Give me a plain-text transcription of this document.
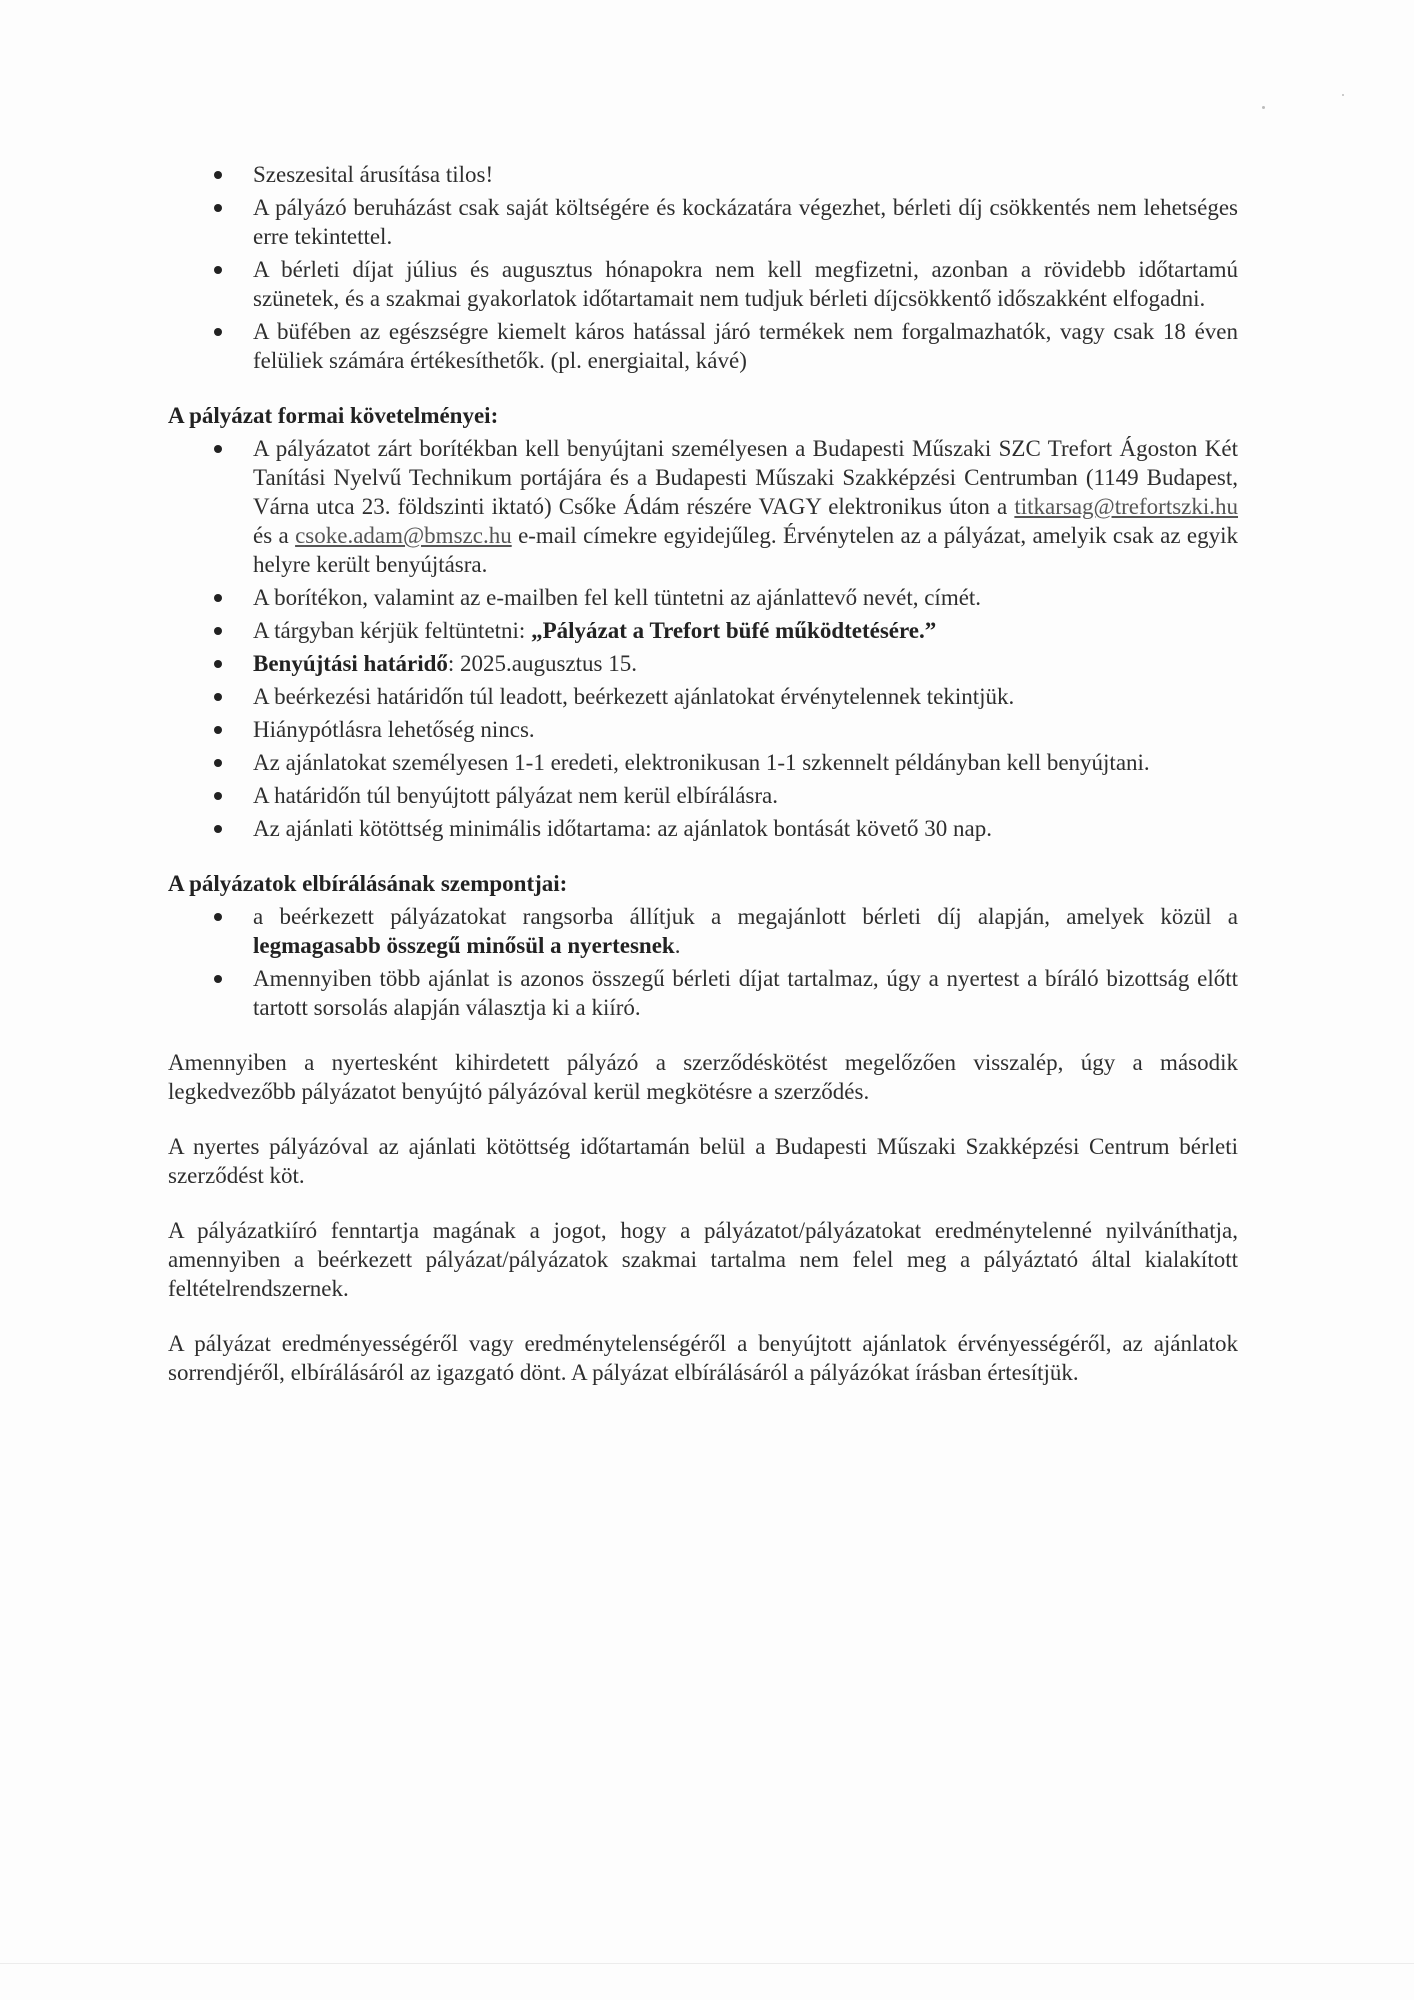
Szeszesital árusítása tilos!
A pályázó beruházást csak saját költségére és kockázatára végezhet, bérleti díj csökkentés nem lehetséges erre tekintettel.
A bérleti díjat július és augusztus hónapokra nem kell megfizetni, azonban a rövidebb időtartamú szünetek, és a szakmai gyakorlatok időtartamait nem tudjuk bérleti díjcsökkentő időszakként elfogadni.
A büfében az egészségre kiemelt káros hatással járó termékek nem forgalmazhatók, vagy csak 18 éven felüliek számára értékesíthetők. (pl. energiaital, kávé)
A pályázat formai követelményei:
A pályázatot zárt borítékban kell benyújtani személyesen a Budapesti Műszaki SZC Trefort Ágoston Két Tanítási Nyelvű Technikum portájára és a Budapesti Műszaki Szakképzési Centrumban (1149 Budapest, Várna utca 23. földszinti iktató) Csőke Ádám részére VAGY elektronikus úton a titkarsag@trefortszki.hu és a csoke.adam@bmszc.hu e-mail címekre egyidejűleg. Érvénytelen az a pályázat, amelyik csak az egyik helyre került benyújtásra.
A borítékon, valamint az e-mailben fel kell tüntetni az ajánlattevő nevét, címét.
A tárgyban kérjük feltüntetni: „Pályázat a Trefort büfé működtetésére.”
Benyújtási határidő: 2025.augusztus 15.
A beérkezési határidőn túl leadott, beérkezett ajánlatokat érvénytelennek tekintjük.
Hiánypótlásra lehetőség nincs.
Az ajánlatokat személyesen 1-1 eredeti, elektronikusan 1-1 szkennelt példányban kell benyújtani.
A határidőn túl benyújtott pályázat nem kerül elbírálásra.
Az ajánlati kötöttség minimális időtartama: az ajánlatok bontását követő 30 nap.
A pályázatok elbírálásának szempontjai:
a beérkezett pályázatokat rangsorba állítjuk a megajánlott bérleti díj alapján, amelyek közül a legmagasabb összegű minősül a nyertesnek.
Amennyiben több ajánlat is azonos összegű bérleti díjat tartalmaz, úgy a nyertest a bíráló bizottság előtt tartott sorsolás alapján választja ki a kiíró.

Amennyiben a nyertesként kihirdetett pályázó a szerződéskötést megelőzően visszalép, úgy a második legkedvezőbb pályázatot benyújtó pályázóval kerül megkötésre a szerződés.

A nyertes pályázóval az ajánlati kötöttség időtartamán belül a Budapesti Műszaki Szakképzési Centrum bérleti szerződést köt.

A pályázatkiíró fenntartja magának a jogot, hogy a pályázatot/pályázatokat eredménytelenné nyilváníthatja, amennyiben a beérkezett pályázat/pályázatok szakmai tartalma nem felel meg a pályáztató által kialakított feltételrendszernek.

A pályázat eredményességéről vagy eredménytelenségéről a benyújtott ajánlatok érvényességéről, az ajánlatok sorrendjéről, elbírálásáról az igazgató dönt. A pályázat elbírálásáról a pályázókat írásban értesítjük.
